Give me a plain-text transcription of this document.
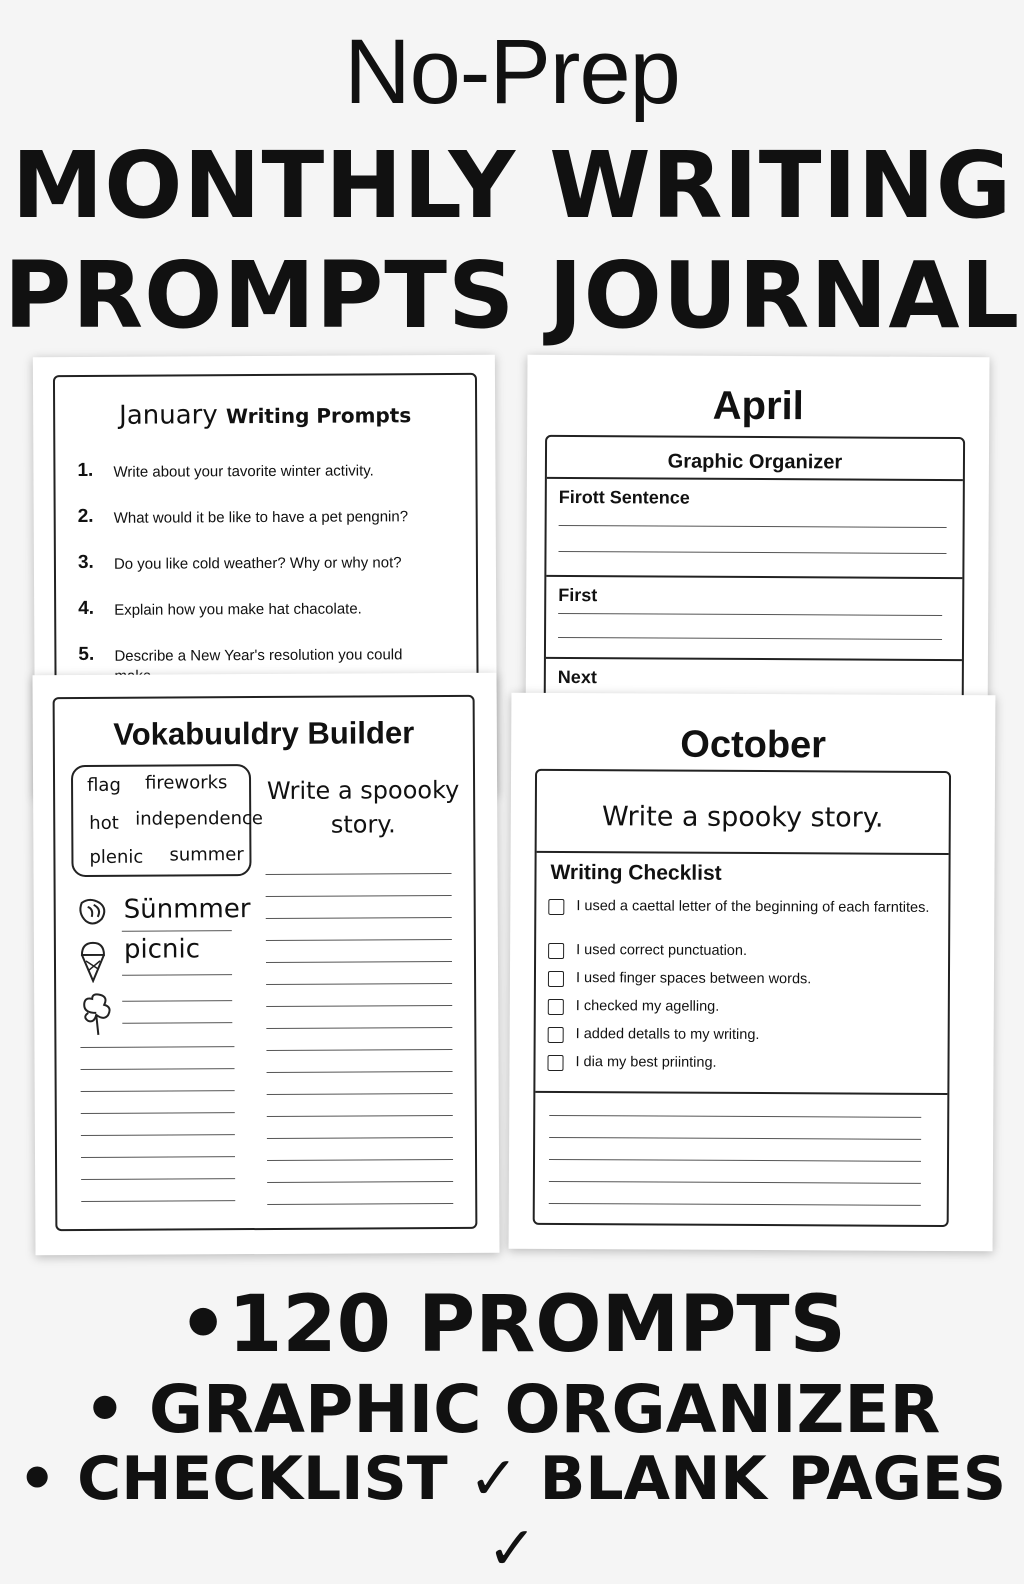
No-Prep
MONTHLY WRITING
PROMPTS JOURNAL
April
Graphic Organizer
Firott Sentence
First
Next
January Writing Prompts
1. Write about your tavorite winter activity.
2. What would it be like to have a pet pengnin?
3. Do you like cold weather? Why or why not?
4. Explain how you make hat chacolate.
5. Describe a New Year's resolution you could
October
Write a spooky story.
Writing Checklist
I used a caettal letter of the beginning of each farntites.
I used correct punctuation.
I used finger spaces between words.
I checked my agelling.
I added detalls to my writing.
I dia my best priinting.
Vokabuuldry Builder
flag fireworks
hot independence
plenic summer
Write a spoooky story.
Sünmmer
picnic
•120 PROMPTS
• GRAPHIC ORGANIZER
• CHECKLIST ✓ BLANK PAGES ✓
